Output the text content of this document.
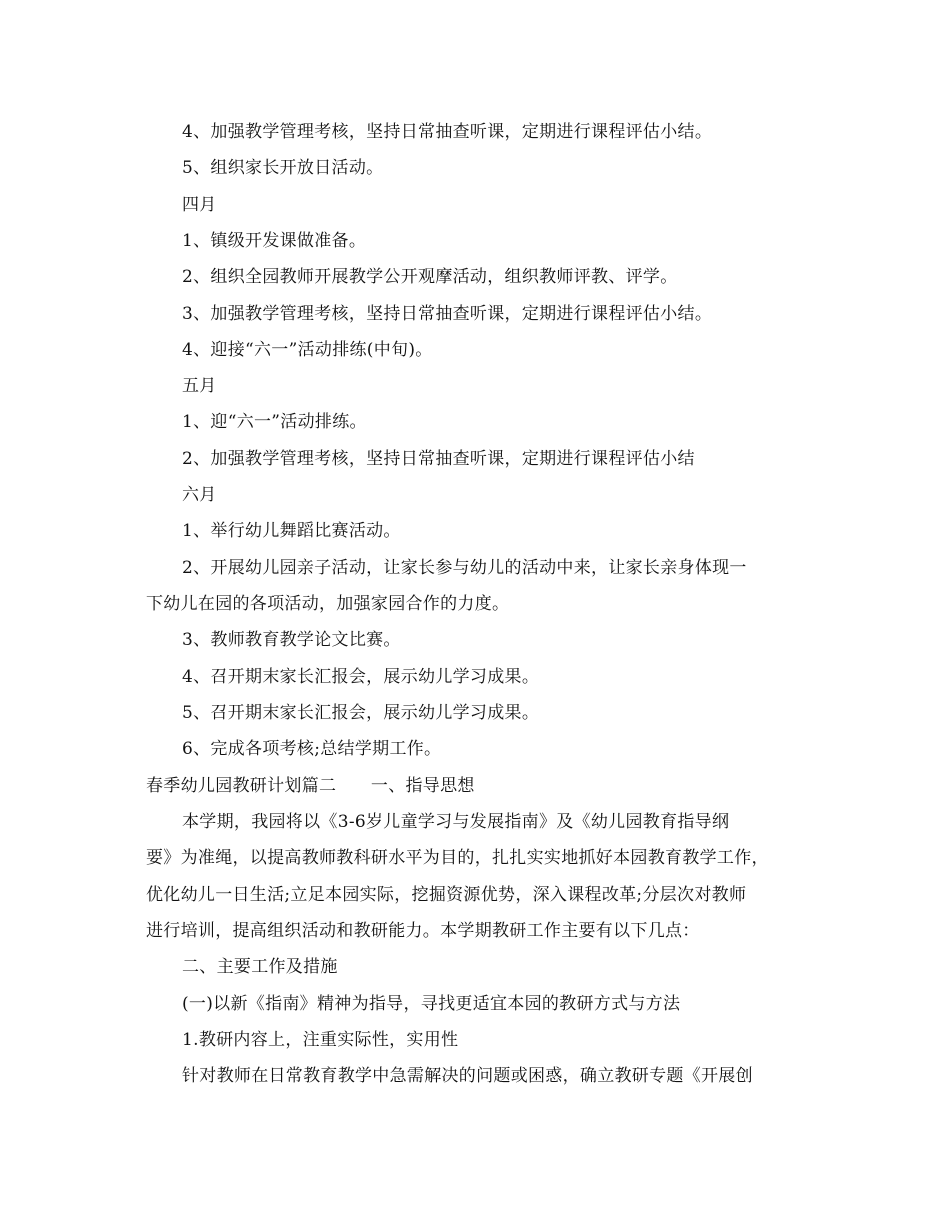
4、加强教学管理考核，坚持日常抽查听课，定期进行课程评估小结。
5、组织家长开放日活动。
四月
1、镇级开发课做准备。
2、组织全园教师开展教学公开观摩活动，组织教师评教、评学。
3、加强教学管理考核，坚持日常抽查听课，定期进行课程评估小结。
4、迎接“六一”活动排练(中旬)。
五月
1、迎“六一”活动排练。
2、加强教学管理考核，坚持日常抽查听课，定期进行课程评估小结
六月
1、举行幼儿舞蹈比赛活动。
2、开展幼儿园亲子活动，让家长参与幼儿的活动中来，让家长亲身体现一
下幼儿在园的各项活动，加强家园合作的力度。
3、教师教育教学论文比赛。
4、召开期末家长汇报会，展示幼儿学习成果。
5、召开期末家长汇报会，展示幼儿学习成果。
6、完成各项考核;总结学期工作。
春季幼儿园教研计划篇二　　一、指导思想
本学期，我园将以《3-6岁儿童学习与发展指南》及《幼儿园教育指导纲
要》为准绳，以提高教师教科研水平为目的，扎扎实实地抓好本园教育教学工作，
优化幼儿一日生活;立足本园实际，挖掘资源优势，深入课程改革;分层次对教师
进行培训，提高组织活动和教研能力。本学期教研工作主要有以下几点：
二、主要工作及措施
(一)以新《指南》精神为指导，寻找更适宜本园的教研方式与方法
1.教研内容上，注重实际性，实用性
针对教师在日常教育教学中急需解决的问题或困惑，确立教研专题《开展创
